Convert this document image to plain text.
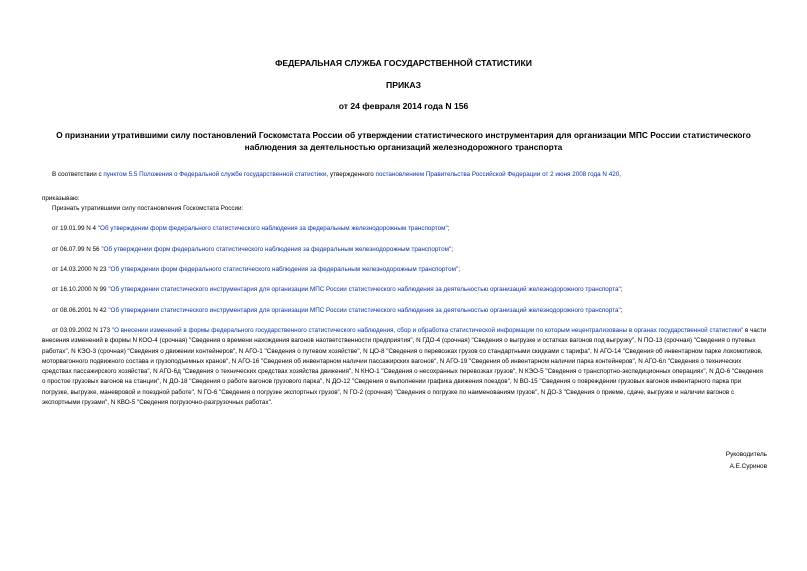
ФЕДЕРАЛЬНАЯ СЛУЖБА ГОСУДАРСТВЕННОЙ СТАТИСТИКИ
ПРИКАЗ
от 24 февраля 2014 года N 156
О признании утратившими силу постановлений Госкомстата России об утверждении статистического инструментария для организации МПС России статистического наблюдения за деятельностью организаций железнодорожного транспорта
В соответствии с пунктом 5.5 Положения о Федеральной службе государственной статистики, утвержденного постановлением Правительства Российской Федерации от 2 июня 2008 года N 420,
приказываю:
Признать утратившими силу постановления Госкомстата России:
от 19.01.99 N 4 "Об утверждении форм федерального статистического наблюдения за федеральным железнодорожным транспортом";
от 06.07.99 N 56 "Об утверждении форм федерального статистического наблюдения за федеральным железнодорожным транспортом";
от 14.03.2000 N 23 "Об утверждении форм федерального статистического наблюдения за федеральным железнодорожным транспортом";
от 16.10.2000 N 99 "Об утверждении статистического инструментария для организации МПС России статистического наблюдения за деятельностью организаций железнодорожного транспорта";
от 08.06.2001 N 42 "Об утверждении статистического инструментария для организации МПС России статистического наблюдения за деятельностью организаций железнодорожного транспорта";
от 03.09.2002 N 173 "О внесении изменений в формы федерального государственного статистического наблюдения, сбор и обработка статистической информации по которым нецентрализованы в органах государственной статистики" в части внесения изменений в формы N КОО-4 (срочная) "Сведения о времени нахождения вагонов наответственности предприятия", N ГДО-4 (срочная) "Сведения о выгрузке и остатках вагонов под выгрузку", N ПО-13 (срочная) "Сведения о путевых работах", N КЭО-3 (срочная) "Сведения о движении контейнеров", N АГО-1 "Сведения о путевом хозяйстве", N ЦО-8 "Сведения о перевозках грузов со стандартными скидками с тарифа", N АГО-14 "Сведения об инвентарном парке локомотивов, моторвагонного подвижного состава и грузоподъемных кранов", N АГО-16 "Сведения об инвентарном наличии пассажирских вагонов", N АГО-19 "Сведения об инвентарном наличии парка контейнеров", N АГО-6л "Сведения о технических средствах пассажирского хозяйства", N АГО-6д "Сведения о технических средствах хозяйства движения", N КНО-1 "Сведения о несохранных перевозках грузов", N КЭО-5 "Сведения о транспортно-экспедиционных операциях", N ДО-6 "Сведения о простое грузовых вагонов на станции", N ДО-18 "Сведения о работе вагонов грузового парка", N ДО-12 "Сведения о выполнении графика движения поездов", N ВО-15 "Сведения о повреждении грузовых вагонов инвентарного парка при погрузке, выгрузке, маневровой и поездной работе", N ГО-6 "Сведения о погрузке экспортных грузов", N ГО-2 (срочная) "Сведения о погрузке по наименованиям грузов", N ДО-3 "Сведения о приеме, сдаче, выгрузке и наличии вагонов с экспортными грузами", N КВО-5 "Сведения погрузочно-разгрузочных работах".
Руководитель
А.Е.Суринов
